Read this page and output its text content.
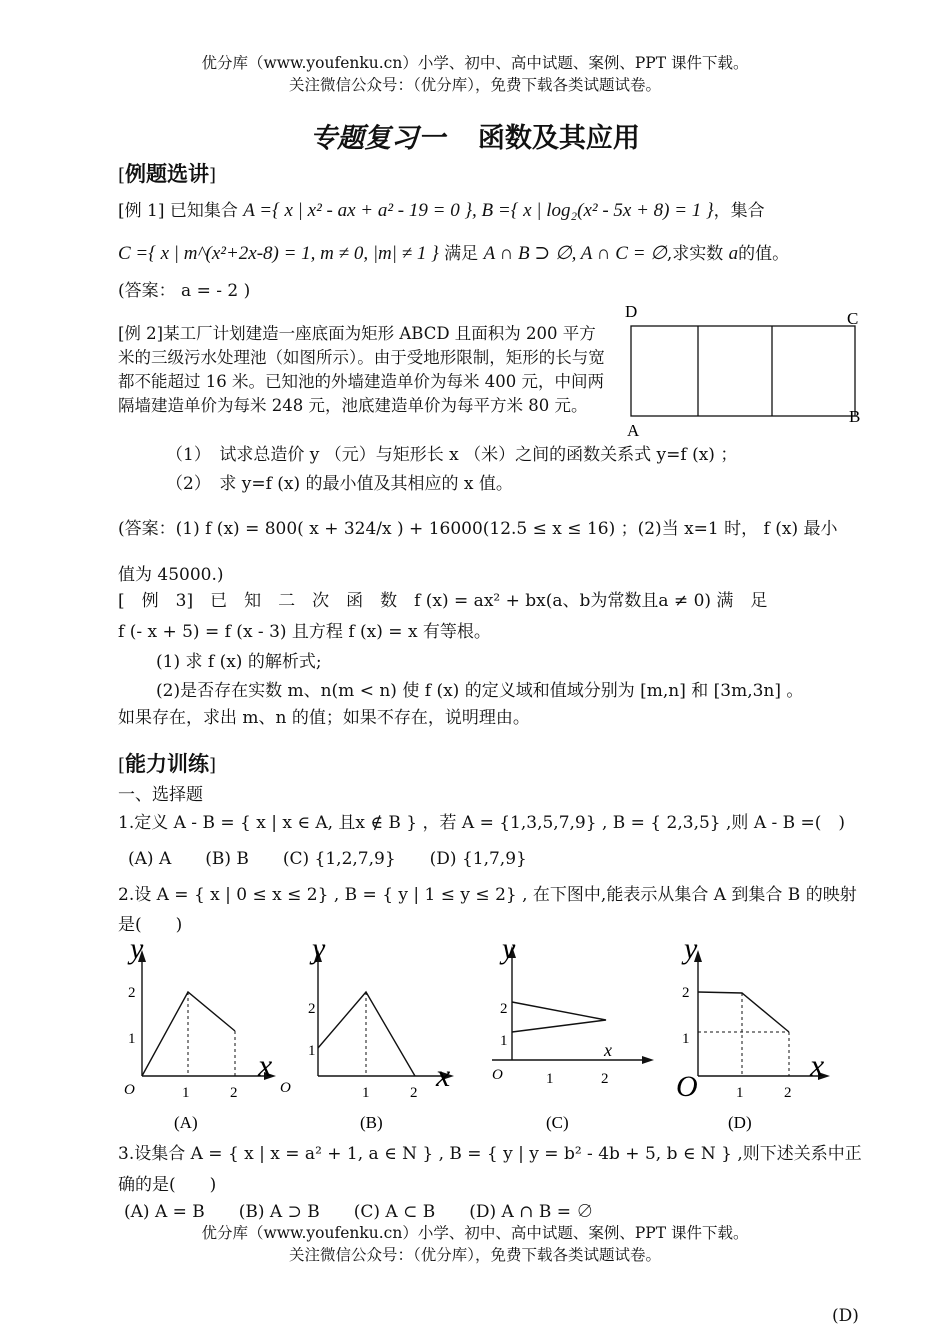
优分库（www.youfenku.cn）小学、初中、高中试题、案例、PPT 课件下载。
关注微信公众号：（优分库），免费下载各类试题试卷。
专题复习一 函数及其应用
[例题选讲]
[例 1] 已知集合 A ={ x | x² - ax + a² - 19 = 0 }, B ={ x | log₂(x² - 5x + 8) = 1 }，集合
C ={ x | m^(x²+2x-8) = 1, m ≠ 0, |m| ≠ 1 } 满足 A ∩ B ⊃ ∅, A ∩ C = ∅,求实数 a的值。
(答案： a = - 2 )
[例 2]某工厂计划建造一座底面为矩形 ABCD 且面积为 200 平方米的三级污水处理池（如图所示）。由于受地形限制，矩形的长与宽都不能超过 16 米。已知池的外墙建造单价为每米 400 元，中间两隔墙建造单价为每米 248 元，池底建造单价为每平方米 80 元。
D	C
A
B
（1）　试求总造价 y （元）与矩形长 x （米）之间的函数关系式 y=f (x) ；
（2）　求 y=f (x) 的最小值及其相应的 x 值。
(答案：(1) f (x) = 800( x + 324/x ) + 16000(12.5 ≤ x ≤ 16) ；(2)当 x=1 时， f (x) 最小
值为 45000.)
[　例　3]　已　知　二　次　函　数　f (x) = ax² + bx(a、b为常数且a ≠ 0) 满　足
f (- x + 5) = f (x - 3) 且方程 f (x) = x 有等根。
(1) 求 f (x) 的解析式;
(2)是否存在实数 m、n(m < n) 使 f (x) 的定义域和值域分别为 [m,n] 和 [3m,3n] 。
如果存在，求出 m、n 的值；如果不存在，说明理由。
[能力训练]
一、选择题
1.定义 A - B = { x | x ∈ A, 且x ∉ B } ，若 A = {1,3,5,7,9} , B = { 2,3,5} ,则 A - B =(　)
(A) A　　(B) B　　(C) {1,2,7,9}　　(D) {1,7,9}
2.设 A = { x | 0 ≤ x ≤ 2} , B = { y | 1 ≤ y ≤ 2} , 在下图中,能表示从集合 A 到集合 B 的映射
是(　　)
y
x
O	1	2
1
2
(A)
y
x
O	1	2
1
2
(B)
y
x
O	1	2
1
2
(C)
y
x
O	1	2
1
2
(D)
3.设集合 A = { x | x = a² + 1, a ∈ N } , B = { y | y = b² - 4b + 5, b ∈ N } ,则下述关系中正
确的是(　　)
(A) A = B　　(B) A ⊃ B　　(C) A ⊂ B　　(D) A ∩ B = ∅
优分库（www.youfenku.cn）小学、初中、高中试题、案例、PPT 课件下载。
关注微信公众号：（优分库），免费下载各类试题试卷。
(D)
